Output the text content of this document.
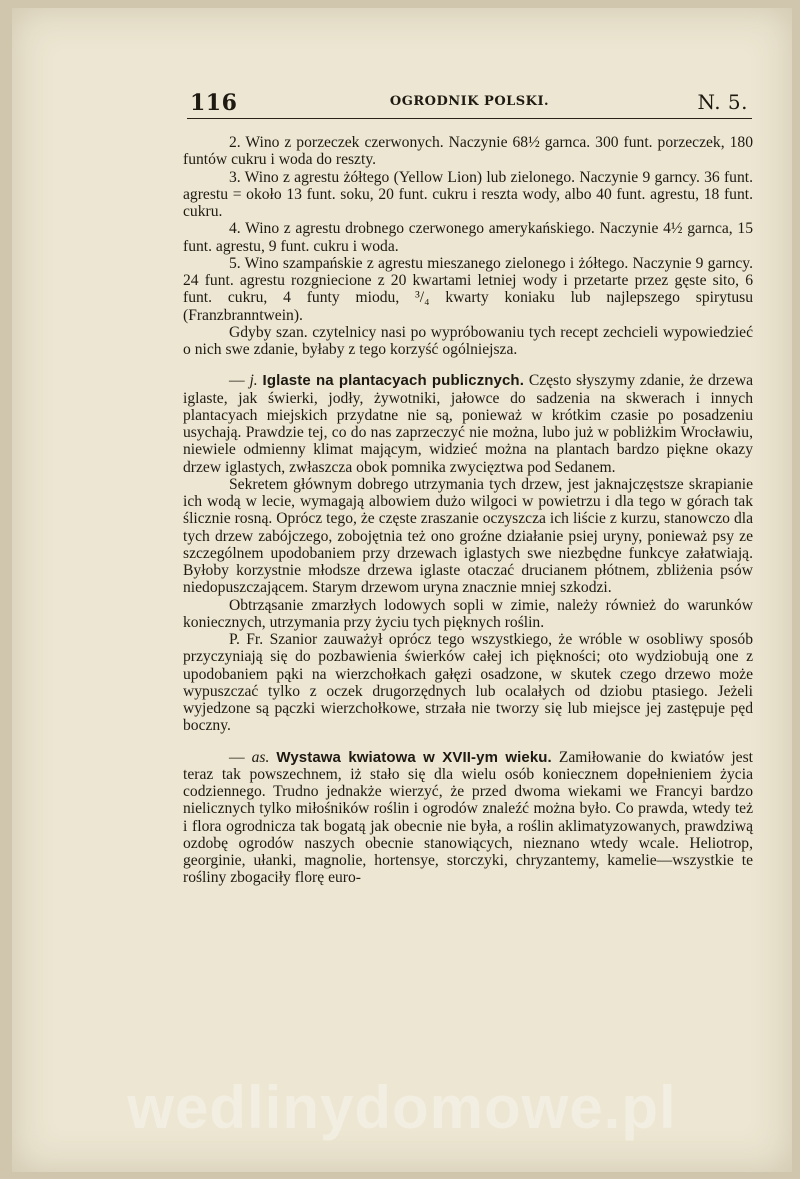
116	OGRODNIK POLSKI.	N. 5.

2. Wino z porzeczek czerwonych. Naczynie 68½ garnca. 300 funt. porzeczek, 180 funtów cukru i woda do reszty.

3. Wino z agrestu żółtego (Yellow Lion) lub zielonego. Naczynie 9 garncy. 36 funt. agrestu = około 13 funt. soku, 20 funt. cukru i reszta wody, albo 40 funt. agrestu, 18 funt. cukru.

4. Wino z agrestu drobnego czerwonego amerykańskiego. Naczynie 4½ garnca, 15 funt. agrestu, 9 funt. cukru i woda.

5. Wino szampańskie z agrestu mieszanego zielonego i żółtego. Naczynie 9 garncy. 24 funt. agrestu rozgniecione z 20 kwartami letniej wody i przetarte przez gęste sito, 6 funt. cukru, 4 funty miodu, ³/₄ kwarty koniaku lub najlepszego spirytusu (Franzbranntwein).

Gdyby szan. czytelnicy nasi po wypróbowaniu tych recept zechcieli wypowiedzieć o nich swe zdanie, byłaby z tego korzyść ogólniejsza.

— j. Iglaste na plantacyach publicznych. Często słyszymy zdanie, że drzewa iglaste, jak świerki, jodły, żywotniki, jałowce do sadzenia na skwerach i innych plantacyach miejskich przydatne nie są, ponieważ w krótkim czasie po posadzeniu usychają. Prawdzie tej, co do nas zaprzeczyć nie można, lubo już w pobliżkim Wrocławiu, niewiele odmienny klimat mającym, widzieć można na plantach bardzo piękne okazy drzew iglastych, zwłaszcza obok pomnika zwycięztwa pod Sedanem.

Sekretem głównym dobrego utrzymania tych drzew, jest jaknajczęstsze skrapianie ich wodą w lecie, wymagają albowiem dużo wilgoci w powietrzu i dla tego w górach tak ślicznie rosną. Oprócz tego, że częste zraszanie oczyszcza ich liście z kurzu, stanowczo dla tych drzew zabójczego, zobojętnia też ono groźne działanie psiej uryny, ponieważ psy ze szczególnem upodobaniem przy drzewach iglastych swe niezbędne funkcye załatwiają. Byłoby korzystnie młodsze drzewa iglaste otaczać drucianem płótnem, zbliżenia psów niedopuszczającem. Starym drzewom uryna znacznie mniej szkodzi.

Obtrząsanie zmarzłych lodowych sopli w zimie, należy również do warunków koniecznych, utrzymania przy życiu tych pięknych roślin.

P. Fr. Szanior zauważył oprócz tego wszystkiego, że wróble w osobliwy sposób przyczyniają się do pozbawienia świerków całej ich piękności; oto wydziobują one z upodobaniem pąki na wierzchołkach gałęzi osadzone, w skutek czego drzewo może wypuszczać tylko z oczek drugorzędnych lub ocalałych od dziobu ptasiego. Jeżeli wyjedzone są pączki wierzchołkowe, strzała nie tworzy się lub miejsce jej zastępuje pęd boczny.

— as. Wystawa kwiatowa w XVII-ym wieku. Zamiłowanie do kwiatów jest teraz tak powszechnem, iż stało się dla wielu osób koniecznem dopełnieniem życia codziennego. Trudno jednakże wierzyć, że przed dwoma wiekami we Francyi bardzo nielicznych tylko miłośników roślin i ogrodów znaleźć można było. Co prawda, wtedy też i flora ogrodnicza tak bogatą jak obecnie nie była, a roślin aklimatyzowanych, prawdziwą ozdobę ogrodów naszych obecnie stanowiących, nieznano wtedy wcale. Heliotrop, georginie, ułanki, magnolie, hortensye, storczyki, chryzantemy, kamelie—wszystkie te rośliny zbogaciły florę euro-

wedlinydomowe.pl
